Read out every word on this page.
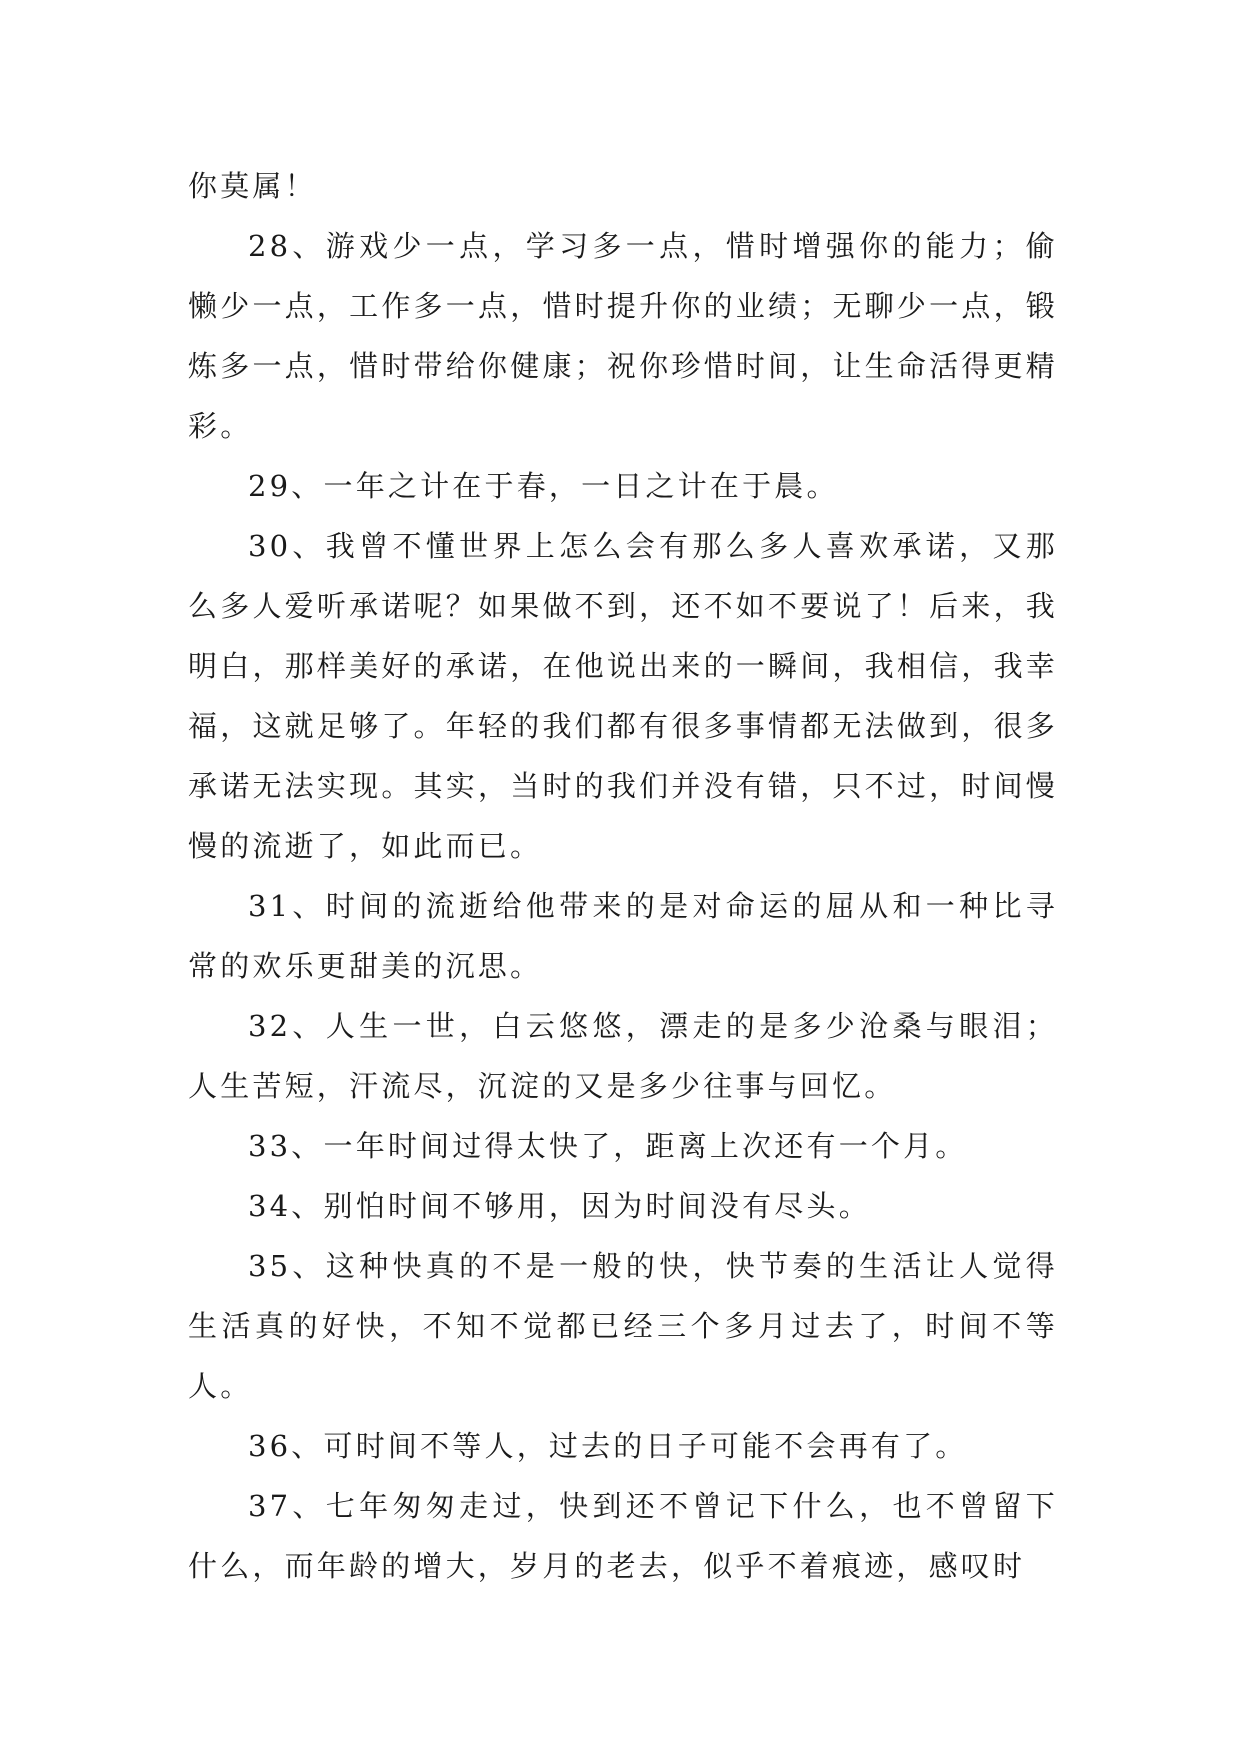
你莫属！

28、游戏少一点，学习多一点，惜时增强你的能力；偷懒少一点，工作多一点，惜时提升你的业绩；无聊少一点，锻炼多一点，惜时带给你健康；祝你珍惜时间，让生命活得更精彩。

29、一年之计在于春，一日之计在于晨。

30、我曾不懂世界上怎么会有那么多人喜欢承诺，又那么多人爱听承诺呢？如果做不到，还不如不要说了！后来，我明白，那样美好的承诺，在他说出来的一瞬间，我相信，我幸福，这就足够了。年轻的我们都有很多事情都无法做到，很多承诺无法实现。其实，当时的我们并没有错，只不过，时间慢慢的流逝了，如此而已。

31、时间的流逝给他带来的是对命运的屈从和一种比寻常的欢乐更甜美的沉思。

32、人生一世，白云悠悠，漂走的是多少沧桑与眼泪；人生苦短，汗流尽，沉淀的又是多少往事与回忆。

33、一年时间过得太快了，距离上次还有一个月。

34、别怕时间不够用，因为时间没有尽头。

35、这种快真的不是一般的快，快节奏的生活让人觉得生活真的好快，不知不觉都已经三个多月过去了，时间不等人。

36、可时间不等人，过去的日子可能不会再有了。

37、七年匆匆走过，快到还不曾记下什么，也不曾留下什么，而年龄的增大，岁月的老去，似乎不着痕迹，感叹时
